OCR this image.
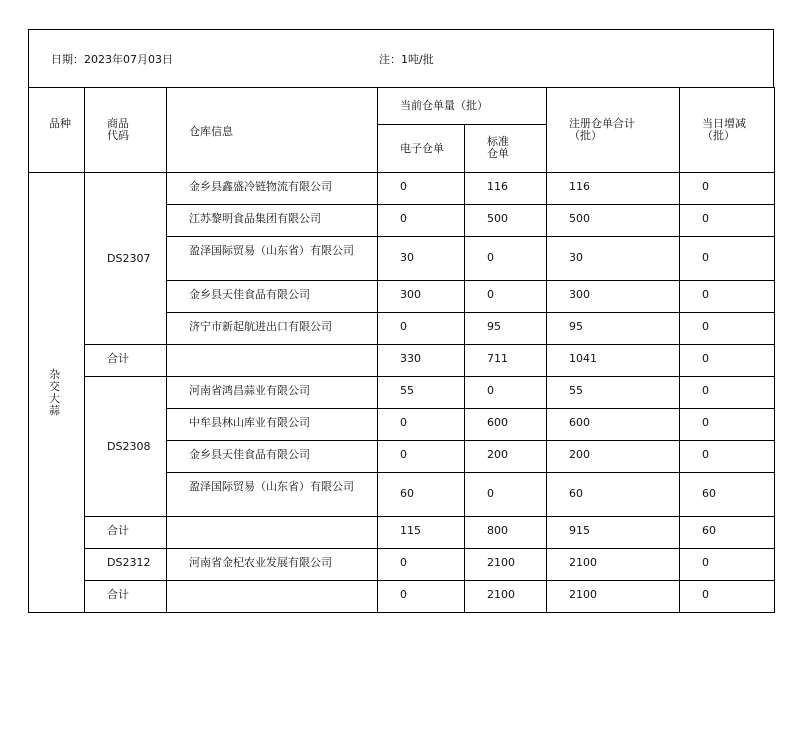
日期：2023年07月03日	注：1吨/批
品种	商品代码	仓库信息	当前仓单量（批）		注册仓单合计（批）	当日增减（批）
			电子仓单	标准仓单		
杂交大蒜	DS2307	金乡县鑫盛冷链物流有限公司	0	116	116	0
		江苏黎明食品集团有限公司	0	500	500	0
		盈泽国际贸易（山东省）有限公司	30	0	30	0
		金乡县天佳食品有限公司	300	0	300	0
		济宁市新起航进出口有限公司	0	95	95	0
	合计		330	711	1041	0
	DS2308	河南省鸿昌蒜业有限公司	55	0	55	0
		中牟县林山库业有限公司	0	600	600	0
		金乡县天佳食品有限公司	0	200	200	0
		盈泽国际贸易（山东省）有限公司	60	0	60	60
	合计		115	800	915	60
	DS2312	河南省金杞农业发展有限公司	0	2100	2100	0
	合计		0	2100	2100	0
